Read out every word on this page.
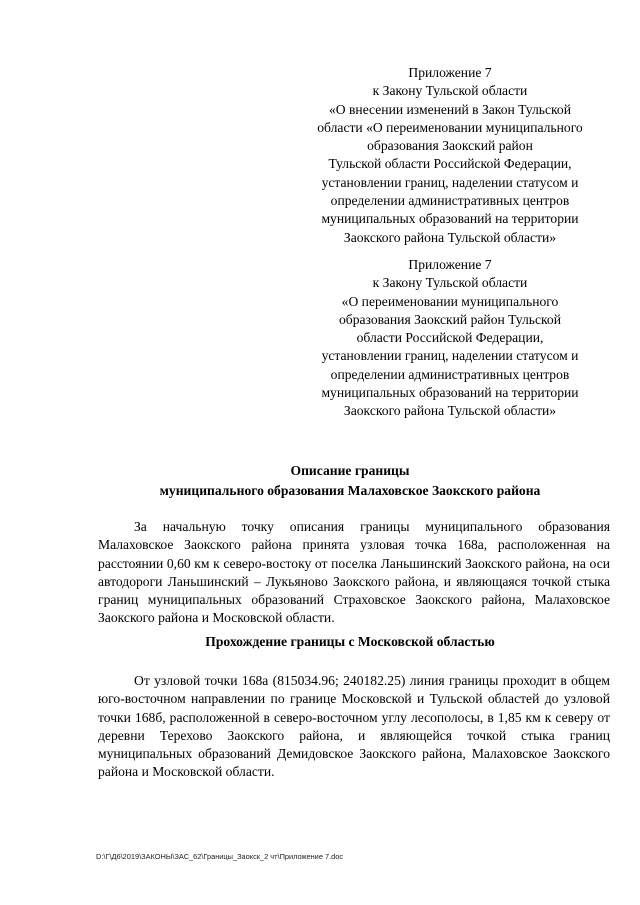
Приложение 7
к Закону Тульской области
«О внесении изменений в Закон Тульской
области «О переименовании муниципального
образования Заокский район
Тульской области Российской Федерации,
установлении границ, наделении статусом и
определении административных центров
муниципальных образований на территории
Заокского района Тульской области»
Приложение 7
к Закону Тульской области
«О переименовании муниципального
образования Заокский район Тульской
области Российской Федерации,
установлении границ, наделении статусом и
определении административных центров
муниципальных образований на территории
Заокского района Тульской области»
Описание границы
муниципального образования Малаховское Заокского района

За начальную точку описания границы муниципального образования Малаховское Заокского района принята узловая точка 168а, расположенная на расстоянии 0,60 км к северо-востоку от поселка Ланьшинский Заокского района, на оси автодороги Ланьшинский – Лукьяново Заокского района, и являющаяся точкой стыка границ муниципальных образований Страховское Заокского района, Малаховское Заокского района и Московской области.

Прохождение границы с Московской областью

От узловой точки 168а (815034.96; 240182.25) линия границы проходит в общем юго-восточном направлении по границе Московской и Тульской областей до узловой точки 168б, расположенной в северо-восточном углу лесополосы, в 1,85 км к северу от деревни Терехово Заокского района, и являющейся точкой стыка границ муниципальных образований Демидовское Заокского района, Малаховское Заокского района и Московской области.

D:\Г\Д6\2019\ЗАКОНЫ\ЗАС_62\Границы_Заокск_2 чт\Приложение 7.doc
